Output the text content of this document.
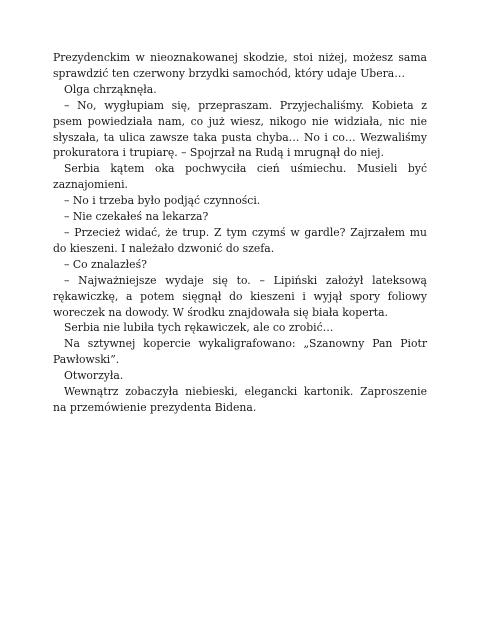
Prezydenckim w nieoznakowanej skodzie, stoi niżej, możesz sama sprawdzić ten czerwony brzydki samochód, który udaje Ubera…

Olga chrząknęła.

– No, wygłupiam się, przepraszam. Przyjechaliśmy. Kobieta z psem powiedziała nam, co już wiesz, nikogo nie widziała, nic nie słyszała, ta ulica zawsze taka pusta chyba… No i co… Wezwaliśmy prokuratora i trupiarę. – Spojrzał na Rudą i mrugnął do niej.

Serbia kątem oka pochwyciła cień uśmiechu. Musieli być zaznajomieni.

– No i trzeba było podjąć czynności.

– Nie czekałeś na lekarza?

– Przecież widać, że trup. Z tym czymś w gardle? Zajrzałem mu do kieszeni. I należało dzwonić do szefa.

– Co znalazłeś?

– Najważniejsze wydaje się to. – Lipiński założył lateksową rękawiczkę, a potem sięgnął do kieszeni i wyjął spory foliowy woreczek na dowody. W środku znajdowała się biała koperta.

Serbia nie lubiła tych rękawiczek, ale co zrobić…

Na sztywnej kopercie wykaligrafowano: „Szanowny Pan Piotr Pawłowski”.

Otworzyła.

Wewnątrz zobaczyła niebieski, elegancki kartonik. Zaproszenie na przemówienie prezydenta Bidena.
